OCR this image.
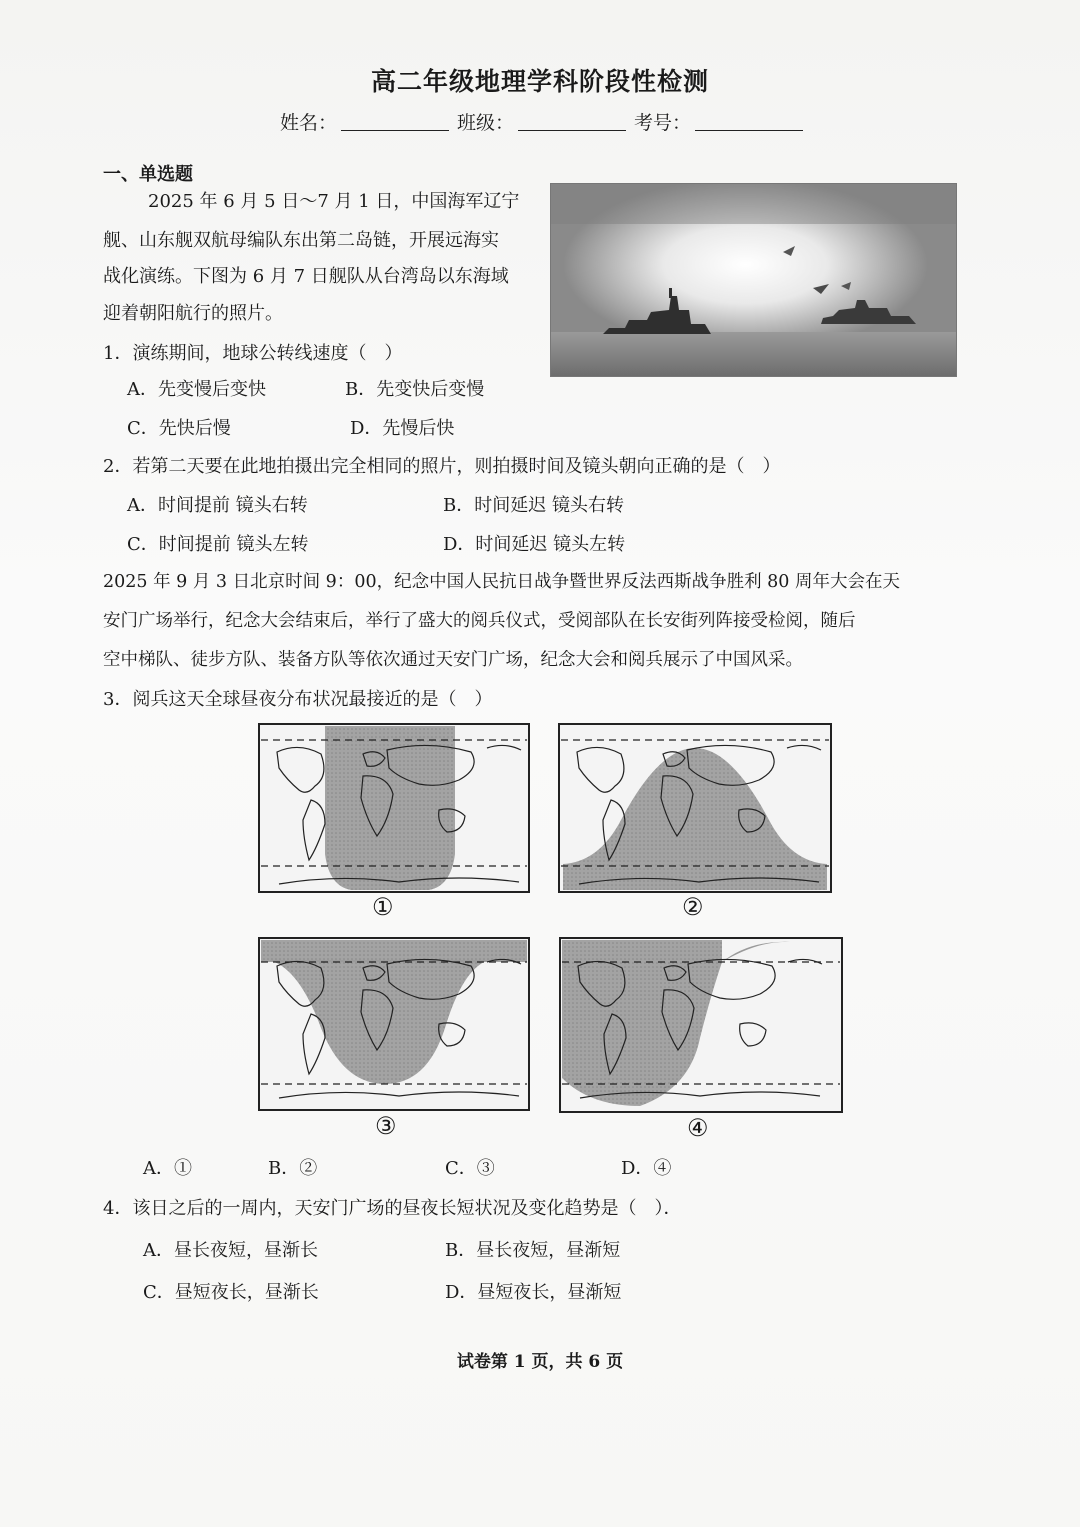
高二年级地理学科阶段性检测
姓名：	班级：	考号：
一、单选题
2025 年 6 月 5 日～7 月 1 日，中国海军辽宁
舰、山东舰双航母编队东出第二岛链，开展远海实
战化演练。下图为 6 月 7 日舰队从台湾岛以东海域
迎着朝阳航行的照片。
1．演练期间，地球公转线速度（　）
A．先变慢后变快	B．先变快后变慢
C．先快后慢	D．先慢后快
2．若第二天要在此地拍摄出完全相同的照片，则拍摄时间及镜头朝向正确的是（　）
A．时间提前 镜头右转	B．时间延迟 镜头右转
C．时间提前 镜头左转	D．时间延迟 镜头左转
2025 年 9 月 3 日北京时间 9：00，纪念中国人民抗日战争暨世界反法西斯战争胜利 80 周年大会在天
安门广场举行，纪念大会结束后，举行了盛大的阅兵仪式，受阅部队在长安街列阵接受检阅，随后
空中梯队、徒步方队、装备方队等依次通过天安门广场，纪念大会和阅兵展示了中国风采。
3．阅兵这天全球昼夜分布状况最接近的是（　）
①	②
③	④
A．①	B．②	C．③	D．④
4．该日之后的一周内，天安门广场的昼夜长短状况及变化趋势是（　）．
A．昼长夜短，昼渐长	B．昼长夜短，昼渐短
C．昼短夜长，昼渐长	D．昼短夜长，昼渐短
试卷第 1 页，共 6 页
